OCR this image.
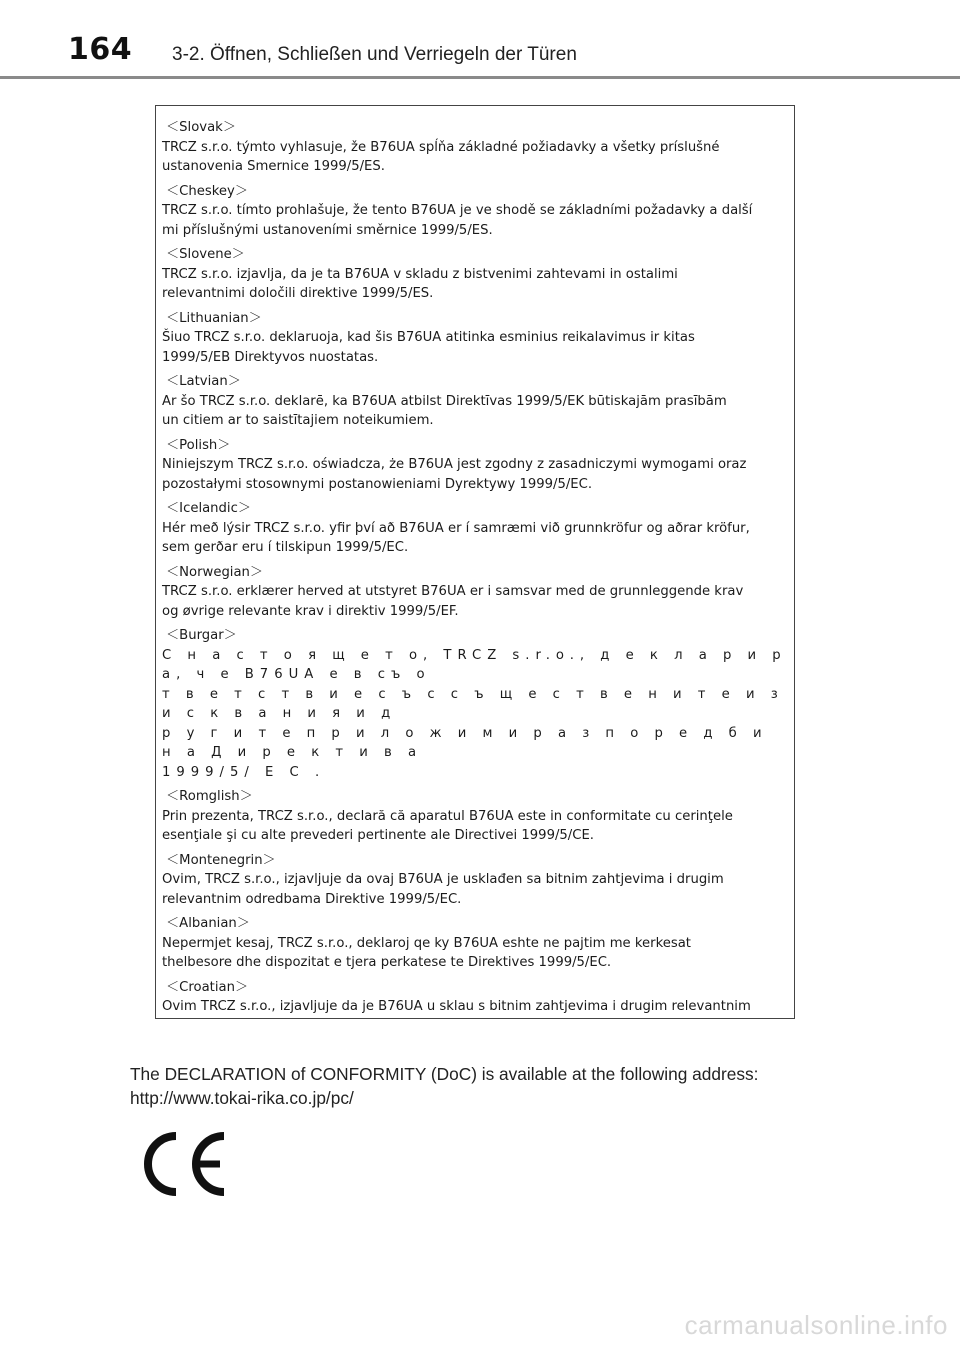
164 3-2. Öffnen, Schließen und Verriegeln der Türen
＜Slovak＞
TRCZ s.r.o. týmto vyhlasuje, že B76UA spĺňa základné požiadavky a všetky príslušné
ustanovenia Smernice 1999/5/ES.
＜Cheskey＞
TRCZ s.r.o. tímto prohlašuje, že tento B76UA je ve shodě se základními požadavky a další
mi příslušnými ustanoveními směrnice 1999/5/ES.
＜Slovene＞
TRCZ s.r.o. izjavlja, da je ta B76UA v skladu z bistvenimi zahtevami in ostalimi
relevantnimi določili direktive 1999/5/ES.
＜Lithuanian＞
Šiuo TRCZ s.r.o. deklaruoja, kad šis B76UA atitinka esminius reikalavimus ir kitas
1999/5/EB Direktyvos nuostatas.
＜Latvian＞
Ar šo TRCZ s.r.o. deklarē, ka B76UA atbilst Direktīvas 1999/5/EK būtiskajām prasībām
un citiem ar to saistītajiem noteikumiem.
＜Polish＞
Niniejszym TRCZ s.r.o. oświadcza, że B76UA jest zgodny z zasadniczymi wymogami oraz
pozostałymi stosownymi postanowieniami Dyrektywy 1999/5/EC.
＜Icelandic＞
Hér með lýsir TRCZ s.r.o. yfir því að B76UA er í samræmi við grunnkröfur og aðrar kröfur,
sem gerðar eru í tilskipun 1999/5/EC.
＜Norwegian＞
TRCZ s.r.o. erklærer herved at utstyret B76UA er i samsvar med de grunnleggende krav
og øvrige relevante krav i direktiv 1999/5/EF.
＜Burgar＞
С н а с т о я щ е т о, TRCZ s.r.o., д е к л а р и р а, ч е B76UA е в съ о
т в е т с т в и е с ъ с с ъ щ е с т в е н и т е и з и с к в а н и я и д
р у г и т е п р и л о ж и м и р а з п о р е д б и н а Д и р е к т и в а
1999/5/ Е С .
＜Romglish＞
Prin prezenta, TRCZ s.r.o., declară că aparatul B76UA este in conformitate cu cerinţele
esenţiale şi cu alte prevederi pertinente ale Directivei 1999/5/CE.
＜Montenegrin＞
Ovim, TRCZ s.r.o., izjavljuje da ovaj B76UA je usklađen sa bitnim zahtjevima i drugim
relevantnim odredbama Direktive 1999/5/EC.
＜Albanian＞
Nepermjet kesaj, TRCZ s.r.o., deklaroj qe ky B76UA eshte ne pajtim me kerkesat
thelbesore dhe dispozitat e tjera perkatese te Direktives 1999/5/EC.
＜Croatian＞
Ovim TRCZ s.r.o., izjavljuje da je B76UA u sklau s bitnim zahtjevima i drugim relevantnim

The DECLARATION of CONFORMITY (DoC) is available at the following address:
http://www.tokai-rika.co.jp/pc/
carmanualsonline.info
